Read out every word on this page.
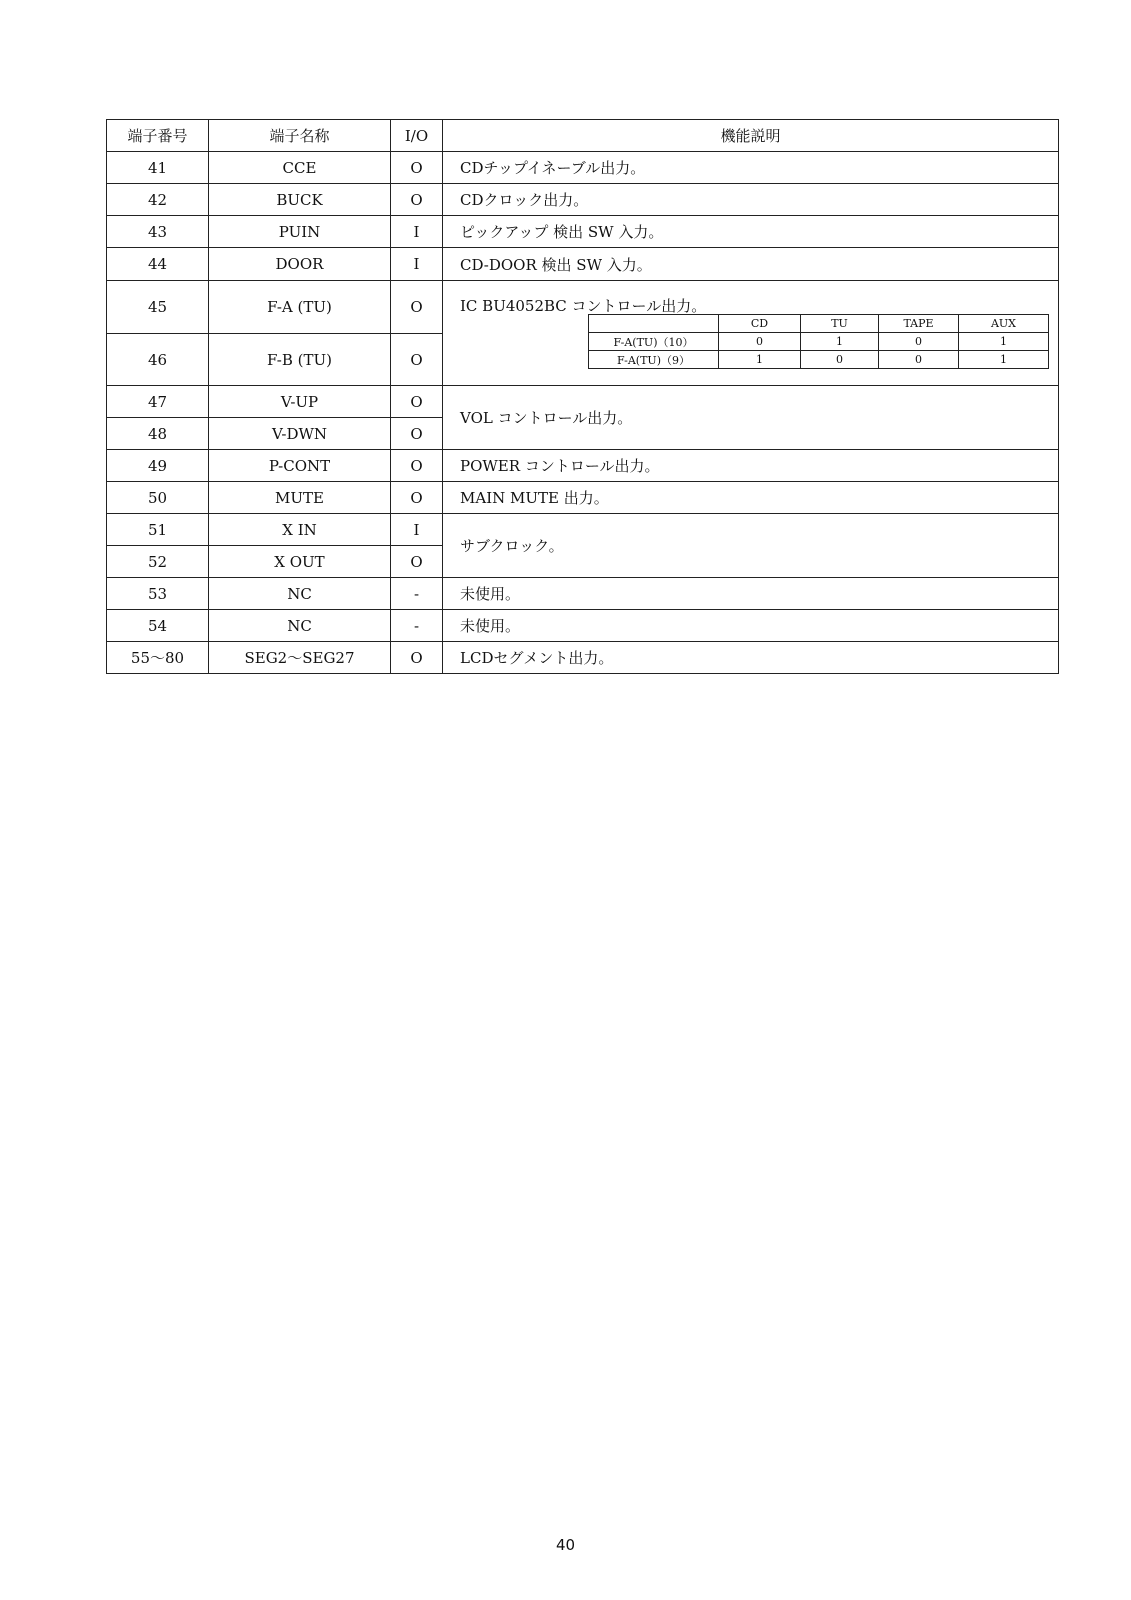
端子番号	端子名称	I/O	機能説明
41	CCE	O	CDチップイネーブル出力。
42	BUCK	O	CDクロック出力。
43	PUIN	I	ピックアップ 検出 SW 入力。
44	DOOR	I	CD-DOOR 検出 SW 入力。
45	F-A (TU)	O	IC BU4052BC コントロール出力。
	CD	TU	TAPE	AUX
F-A(TU)（10）	0	1	0	1
F-A(TU)（9）	1	0	0	1

46	F-B (TU)	O
47	V-UP	O	VOL コントロール出力。
48	V-DWN	O
49	P-CONT	O	POWER コントロール出力。
50	MUTE	O	MAIN MUTE 出力。
51	X IN	I	サブクロック。
52	X OUT	O
53	NC	-	未使用。
54	NC	-	未使用。
55～80	SEG2～SEG27	O	LCDセグメント出力。
40
